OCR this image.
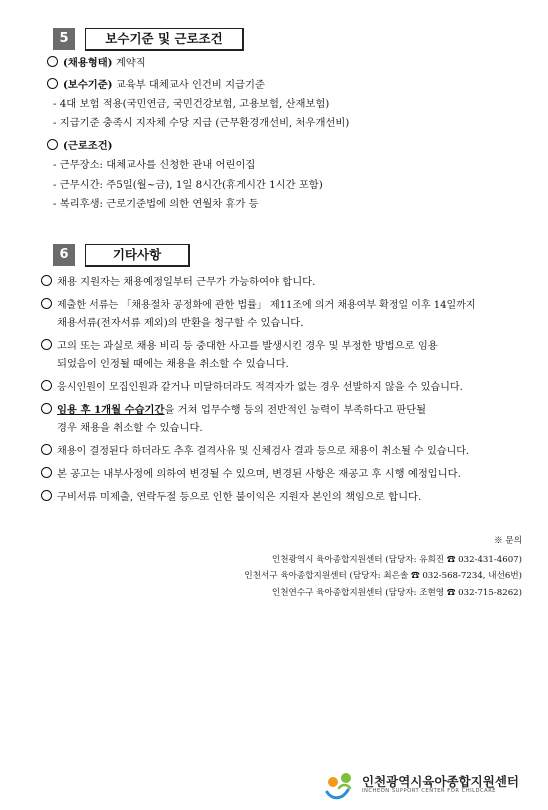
5	보수기준 및 근로조건
(채용형태) 계약직
(보수기준) 교육부 대체교사 인건비 지급기준
- 4대 보험 적용(국민연금, 국민건강보험, 고용보험, 산재보험)
- 지급기준 충족시 지자체 수당 지급 (근무환경개선비, 처우개선비)
(근로조건)
- 근무장소: 대체교사를 신청한 관내 어린이집
- 근무시간: 주5일(월~금), 1일 8시간(휴게시간 1시간 포함)
- 복리후생: 근로기준법에 의한 연월차 휴가 등
6	기타사항
채용 지원자는 채용예정일부터 근무가 가능하여야 합니다.
제출한 서류는 「채용절차 공정화에 관한 법률」 제11조에 의거 채용여부 확정일 이후 14일까지
채용서류(전자서류 제외)의 반환을 청구할 수 있습니다.
고의 또는 과실로 채용 비리 등 중대한 사고를 발생시킨 경우 및 부정한 방법으로 임용
되었음이 인정될 때에는 채용을 취소할 수 있습니다.
응시인원이 모집인원과 같거나 미달하더라도 적격자가 없는 경우 선발하지 않을 수 있습니다.
임용 후 1개월 수습기간을 거쳐 업무수행 등의 전반적인 능력이 부족하다고 판단될
경우 채용을 취소할 수 있습니다.
채용이 결정된다 하더라도 추후 결격사유 및 신체검사 결과 등으로 채용이 취소될 수 있습니다.
본 공고는 내부사정에 의하여 변경될 수 있으며, 변경된 사항은 재공고 후 시행 예정입니다.
구비서류 미제출, 연락두절 등으로 인한 불이익은 지원자 본인의 책임으로 합니다.
※ 문의
인천광역시 육아종합지원센터 (담당자: 유희진 ☎ 032-431-4607)
인천서구 육아종합지원센터 (담당자: 최은솔 ☎ 032-568-7234, 내선6번)
인천연수구 육아종합지원센터 (담당자: 조현영 ☎ 032-715-8262)
인천광역시육아종합지원센터
INCHEON SUPPORT CENTER FOR CHILDCARE
